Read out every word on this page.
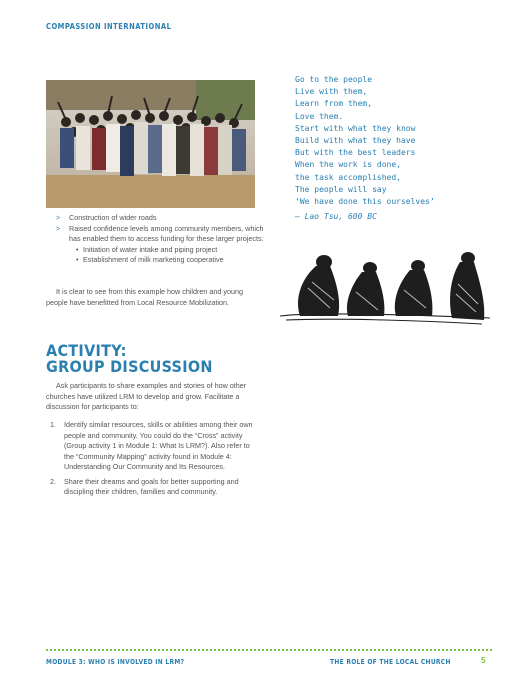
COMPASSION INTERNATIONAL
> Construction of wider roads
> Raised confidence levels among community members, which has enabled them to access funding for these larger projects:
• Initiation of water intake and piping project
• Establishment of milk marketing cooperative
It is clear to see from this example how children and young people have benefitted from Local Resource Mobilization.
ACTIVITY:
GROUP DISCUSSION
Ask participants to share examples and stories of how other churches have utilized LRM to develop and grow. Facilitate a discussion for participants to:
1. Identify similar resources, skills or abilities among their own people and community. You could do the “Cross” activity (Group activity 1 in Module 1: What Is LRM?). Also refer to the “Community Mapping” activity found in Module 4: Understanding Our Community and Its Resources.
2. Share their dreams and goals for better supporting and discipling their children, families and community.
Go to the people
Live with them,
Learn from them,
Love them.
Start with what they know
Build with what they have
But with the best leaders
When the work is done,
the task accomplished,
The people will say
‘We have done this ourselves’
— Lao Tsu, 600 BC
MODULE 3: WHO IS INVOLVED IN LRM?	THE ROLE OF THE LOCAL CHURCH	5
